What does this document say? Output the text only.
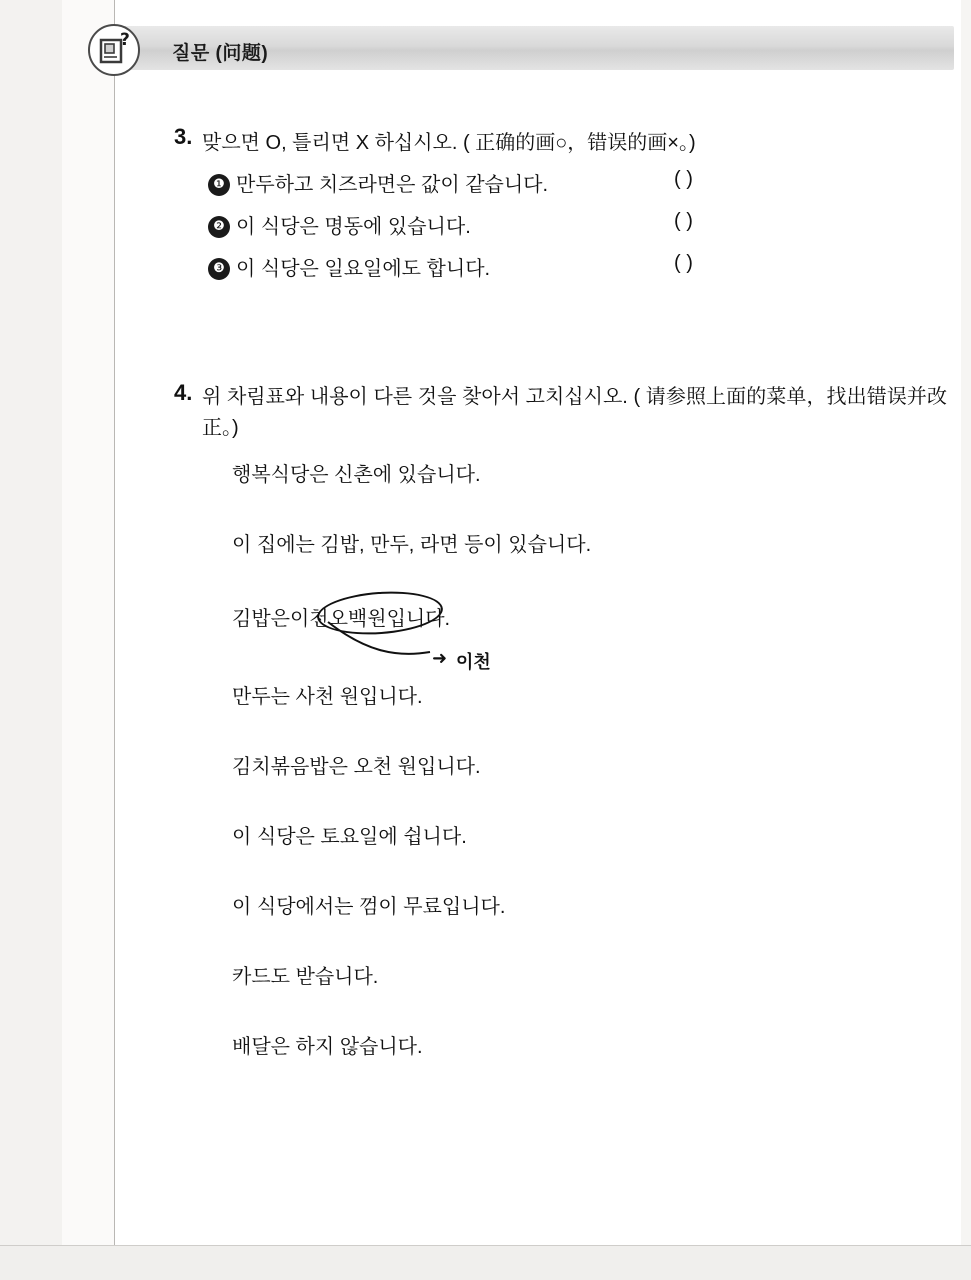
?
질문 (问题)
3. 맞으면 O, 틀리면 X 하십시오. ( 正确的画○，错误的画×。)
❶ 만두하고 치즈라면은 값이 같습니다.	( )
❷ 이 식당은 명동에 있습니다.	( )
❸ 이 식당은 일요일에도 합니다.	( )
4. 위 차림표와 내용이 다른 것을 찾아서 고치십시오. ( 请参照上面的菜单，找出错误并改正。)
행복식당은 신촌에 있습니다.
이 집에는 김밥, 만두, 라면 등이 있습니다.
김밥은이천오백원입니다.
➜ 이천
만두는 사천 원입니다.
김치볶음밥은 오천 원입니다.
이 식당은 토요일에 쉽니다.
이 식당에서는 껌이 무료입니다.
카드도 받습니다.
배달은 하지 않습니다.
